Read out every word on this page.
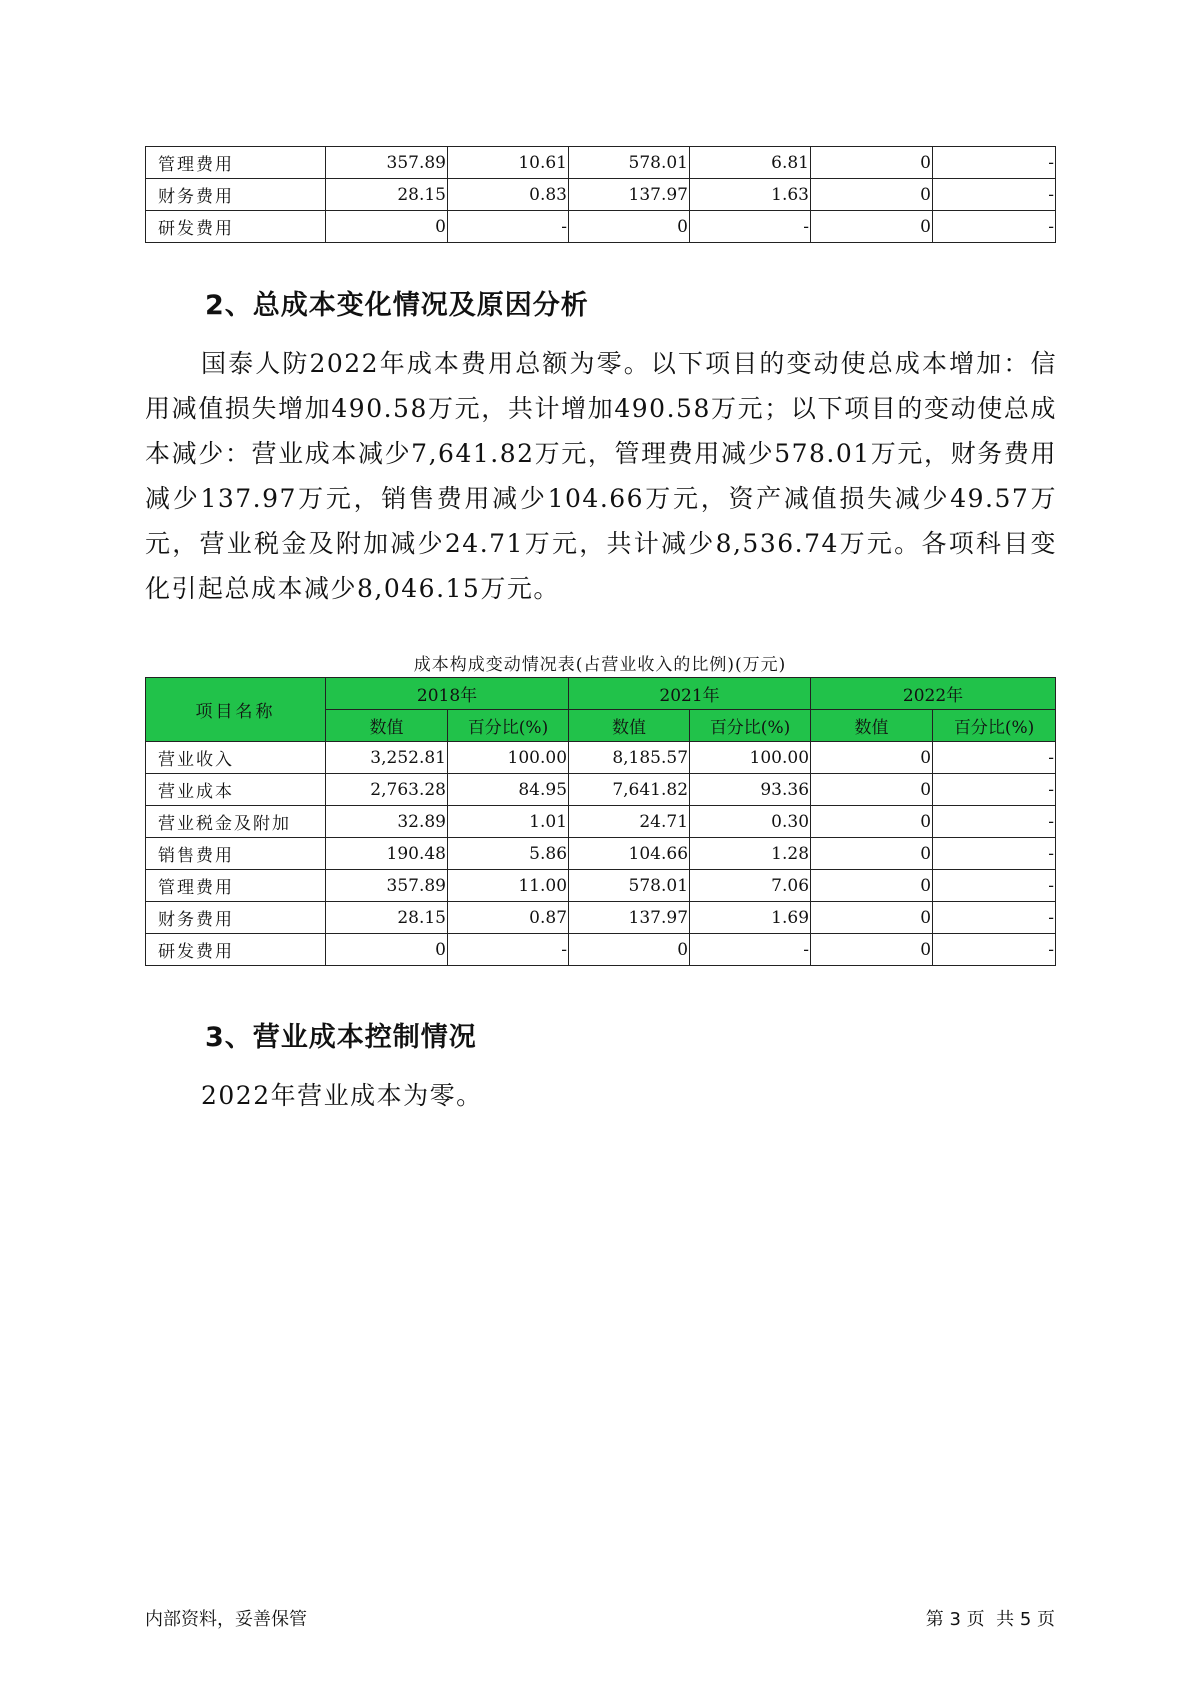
管理费用	357.89	10.61	578.01	6.81	0	-
财务费用	28.15	0.83	137.97	1.63	0	-
研发费用	0	-	0	-	0	-
2、总成本变化情况及原因分析

国泰人防2022年成本费用总额为零。以下项目的变动使总成本增加：信用减值损失增加490.58万元，共计增加490.58万元；以下项目的变动使总成本减少：营业成本减少7,641.82万元，管理费用减少578.01万元，财务费用减少137.97万元，销售费用减少104.66万元，资产减值损失减少49.57万元，营业税金及附加减少24.71万元，共计减少8,536.74万元。各项科目变化引起总成本减少8,046.15万元。

成本构成变动情况表(占营业收入的比例)(万元)
项目名称	2018年		2021年		2022年	
	数值	百分比(%)	数值	百分比(%)	数值	百分比(%)
营业收入	3,252.81	100.00	8,185.57	100.00	0	-
营业成本	2,763.28	84.95	7,641.82	93.36	0	-
营业税金及附加	32.89	1.01	24.71	0.30	0	-
销售费用	190.48	5.86	104.66	1.28	0	-
管理费用	357.89	11.00	578.01	7.06	0	-
财务费用	28.15	0.87	137.97	1.69	0	-
研发费用	0	-	0	-	0	-
3、营业成本控制情况

2022年营业成本为零。

内部资料，妥善保管	第 3 页  共 5 页
